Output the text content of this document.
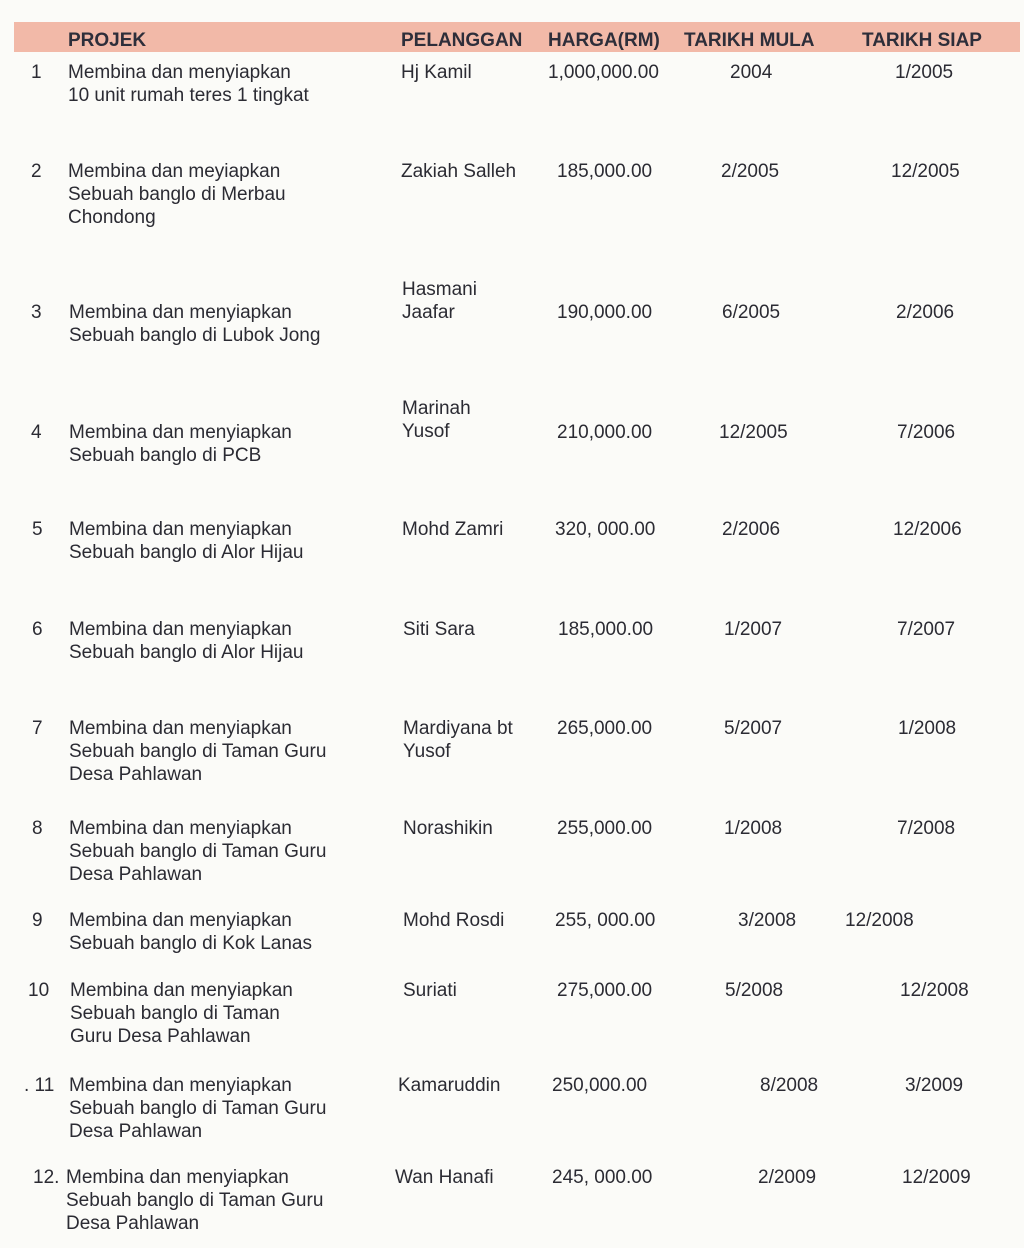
PROJEK	PELANGGAN HARGA(RM) TARIKH MULA TARIKH SIAP
1 Membina dan menyiapkan
10 unit rumah teres 1 tingkat
Hj Kamil	1,000,000.00	2004	1/2005
2 Membina dan meyiapkan
Sebuah banglo di Merbau
Chondong
Zakiah Salleh 185,000.00	2/2005	12/2005
3 Membina dan menyiapkan
Sebuah banglo di Lubok Jong
Hasmani
Jaafar	190,000.00	6/2005	2/2006
4 Membina dan menyiapkan
Sebuah banglo di PCB
Marinah
Yusof	210,000.00	12/2005	7/2006
5 Membina dan menyiapkan
Sebuah banglo di Alor Hijau
Mohd Zamri	320, 000.00	2/2006	12/2006
6 Membina dan menyiapkan
Sebuah banglo di Alor Hijau
Siti Sara	185,000.00	1/2007	7/2007
7 Membina dan menyiapkan
Sebuah banglo di Taman Guru
Desa Pahlawan
Mardiyana bt
Yusof
265,000.00	5/2007	1/2008
8 Membina dan menyiapkan
Sebuah banglo di Taman Guru
Desa Pahlawan
Norashikin	255,000.00	1/2008	7/2008
9 Membina dan menyiapkan
Sebuah banglo di Kok Lanas
Mohd Rosdi	255, 000.00	3/2008	12/2008
10 Membina dan menyiapkan
Sebuah banglo di Taman
Guru Desa Pahlawan
Suriati	275,000.00	5/2008	12/2008
. 11 Membina dan menyiapkan
Sebuah banglo di Taman Guru
Desa Pahlawan
Kamaruddin	250,000.00	8/2008	3/2009
12. Membina dan menyiapkan
Sebuah banglo di Taman Guru
Desa Pahlawan
Wan Hanafi	245, 000.00	2/2009	12/2009
